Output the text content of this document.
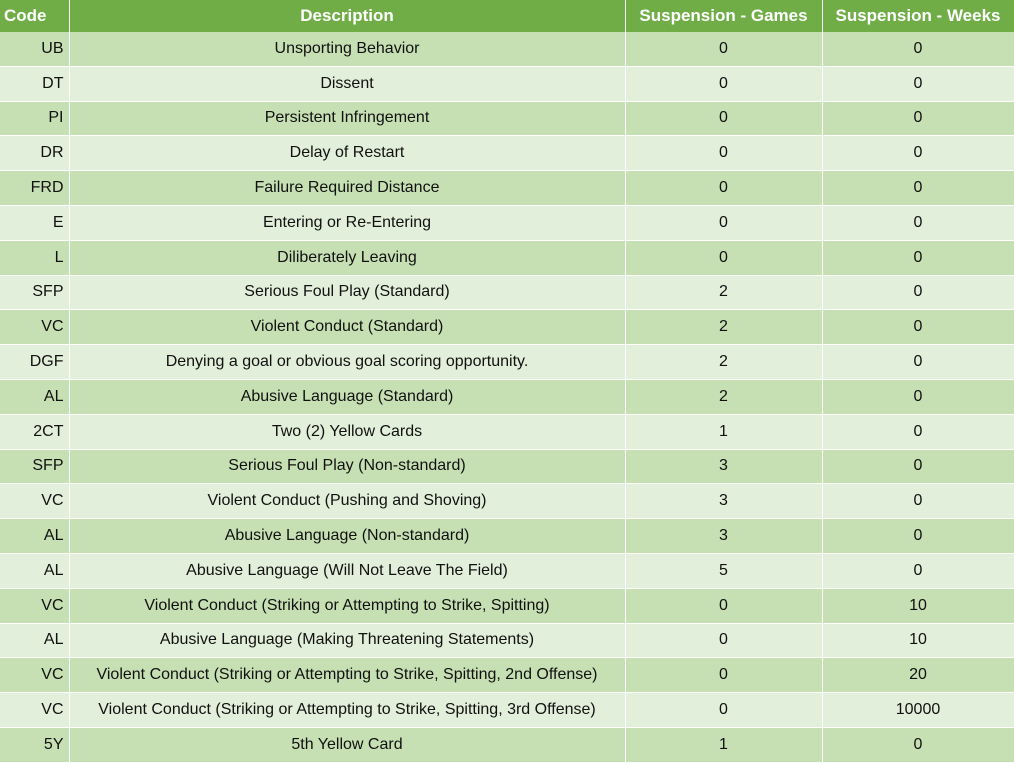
Code	Description	Suspension - Games	Suspension - Weeks
UB	Unsporting Behavior	0	0
DT	Dissent	0	0
PI	Persistent Infringement	0	0
DR	Delay of Restart	0	0
FRD	Failure Required Distance	0	0
E	Entering or Re-Entering	0	0
L	Diliberately Leaving	0	0
SFP	Serious Foul Play (Standard)	2	0
VC	Violent Conduct (Standard)	2	0
DGF	Denying a goal or obvious goal scoring opportunity.	2	0
AL	Abusive Language (Standard)	2	0
2CT	Two (2) Yellow Cards	1	0
SFP	Serious Foul Play (Non-standard)	3	0
VC	Violent Conduct (Pushing and Shoving)	3	0
AL	Abusive Language (Non-standard)	3	0
AL	Abusive Language (Will Not Leave The Field)	5	0
VC	Violent Conduct (Striking or Attempting to Strike, Spitting)	0	10
AL	Abusive Language (Making Threatening Statements)	0	10
VC	Violent Conduct (Striking or Attempting to Strike, Spitting, 2nd Offense)	0	20
VC	Violent Conduct (Striking or Attempting to Strike, Spitting, 3rd Offense)	0	10000
5Y	5th Yellow Card	1	0
